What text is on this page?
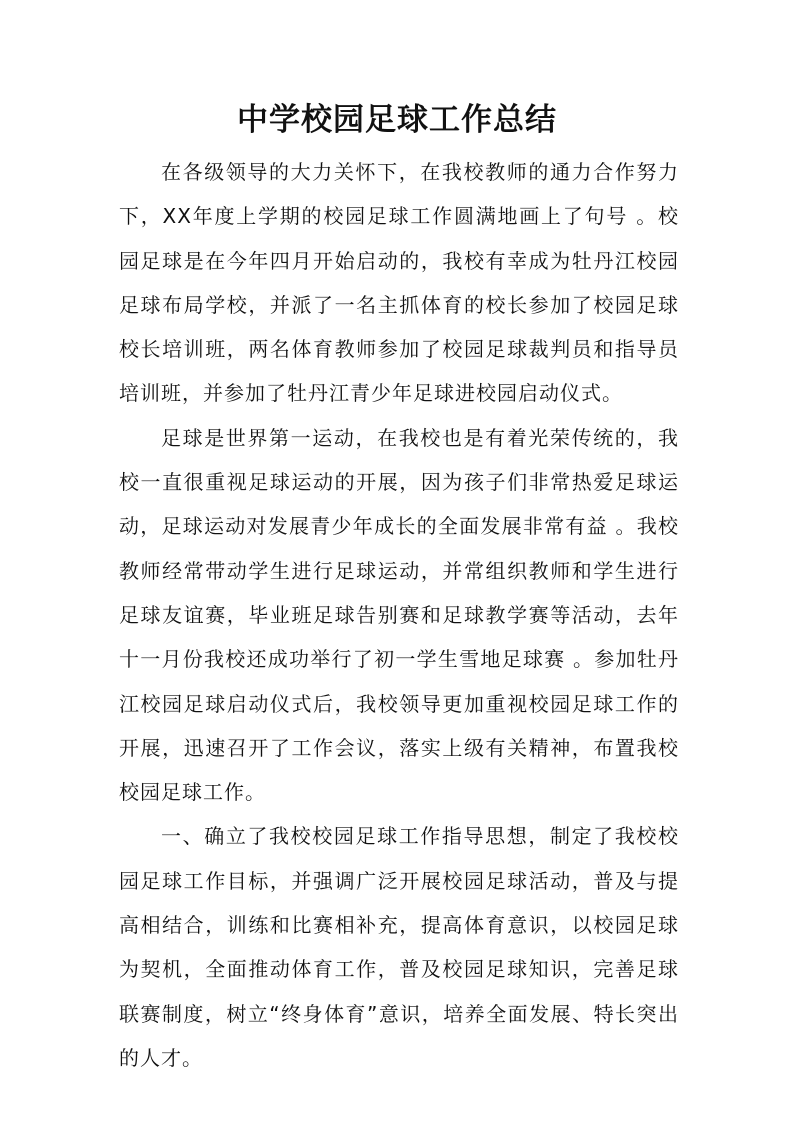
中学校园足球工作总结

在各级领导的大力关怀下，在我校教师的通力合作努力下，XX年度上学期的校园足球工作圆满地画上了句号 。校园足球是在今年四月开始启动的，我校有幸成为牡丹江校园足球布局学校，并派了一名主抓体育的校长参加了校园足球校长培训班，两名体育教师参加了校园足球裁判员和指导员培训班，并参加了牡丹江青少年足球进校园启动仪式。

足球是世界第一运动，在我校也是有着光荣传统的，我校一直很重视足球运动的开展，因为孩子们非常热爱足球运动，足球运动对发展青少年成长的全面发展非常有益 。我校教师经常带动学生进行足球运动，并常组织教师和学生进行足球友谊赛，毕业班足球告别赛和足球教学赛等活动，去年十一月份我校还成功举行了初一学生雪地足球赛 。参加牡丹江校园足球启动仪式后，我校领导更加重视校园足球工作的开展，迅速召开了工作会议，落实上级有关精神，布置我校校园足球工作。

一、确立了我校校园足球工作指导思想，制定了我校校园足球工作目标，并强调广泛开展校园足球活动，普及与提高相结合，训练和比赛相补充，提高体育意识，以校园足球为契机，全面推动体育工作，普及校园足球知识，完善足球联赛制度，树立“终身体育”意识，培养全面发展、特长突出的人才。
